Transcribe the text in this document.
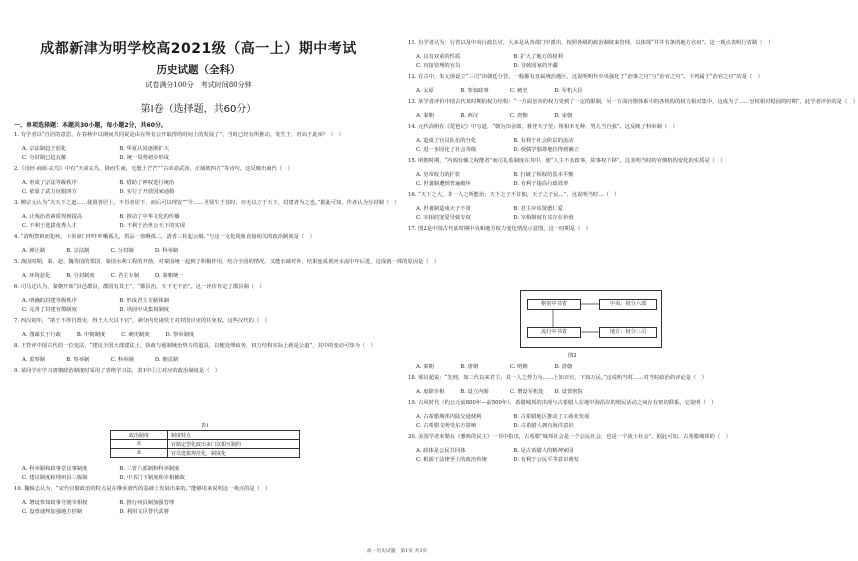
成都新津为明学校高2021级（高一上）期中考试
历史试题（全科）
试卷满分100分　考试时间80分钟
第Ⅰ卷（选择题，共60分）
一、单项选择题：本题共30小题，每小题2分，共60分。
1. 有学者以“自居的意思，在春秋中以期间共同说是由在所有公开取得的时间上的发展了”，当时已经有所推动，发生于，对高于此举？（　）
A. 宗法制趋于弱化　　　　　　　　　　B. 华夏认同逐渐扩大
C. 分封制已趋瓦解　　　　　　　　　　D. 统一局势初步形成
2.《诗经·商颂·玄鸟》中有“天命玄鸟，降而生商，宅殷土芒芒”“古帝命武汤，正域彼四方”等诗句，这反映出商代（　）
A. 形成了宗法等级秩序　　　　　　　　B. 借助了神权进行统治
C. 依靠了武力征服四方　　　　　　　　D. 实行了开放国家通婚
3. 柳宗元认为“夫天下之道……使贤者居上，不肖者居下，而后可以理安”“今……圣贤生于其时，亦无以立于天下，封建者为之也。”据此可知，作者认为分封制（　）
A. 让残治者素质得到提高　　　　　　　B. 推动了中华文化的传播
C. 不利于选拔优秀人才　　　　　　　　D. 不利于治世公天下的实现
4. “清明祭祖而犯疾，卜筮命门申吓吓哦孤儿，供品一盘啊孤二，清香三柱起云烟。”与这一文化现象直接相关的政治制度是（　）
A. 禅让制　　　　B. 宗法制　　　　C. 分封制　　　　D. 科举制
5. 战国时期，秦、赵、魏等国的郑国、秦国水利工程的开凿，对秦国统一起到了积极作用，结合全国的情况，又能水域对外，结果连成黄河水流中年后进，这成就一体的原因是（　）
A. 环境恶化　　　B. 分封制度　　　C. 君主专制　　　D. 秦朝统一
6. 司马迁认为，秦朝开始“县邑郡县，郡国有其王”，“郡县治，天下无不治”。这一评价肯定了郡县制（　）
A. 明确的封建等级秩序　　　　　　　　B. 形成君主专制体制
C. 完善了封建官僚制度　　　　　　　　D. 巩固中央集权制度
7. 西汉初年，“诸王不得自置吏，得王大夫以下官”，剥夺内史诸侯王对封国官吏的任免权。这些汉代的（　）
A. 图谋长于行政　　　B. 中朝制度　　　C. 刺史制度　　　D. 察举制度
8. 王符评中国古代的一位变法，“建议全国大部建法土，执政与遏制统治势力的道具，以便处理政务，权力结构实际上就是公道”，其中的变动可知为（　）
A. 监察制　　　　B. 察举制　　　　C. 科举制　　　　D. 朝贡制
9. 某同学在学习唐朝政治制度时采用了表格学习法，表1中①②对应的政治制度是（　）
表1
政治制度	制度特点
①	官制定型化政出多门以相互制约
②	官员选拔规范化，制度化
A. 科举制和政事堂议事制度　　　　　　B. 三省六部制和科举制度
C. 建议制度和理州县三级制　　　　　　D. 中书门下制度和宰相辅政
10. 魏辑志认为，“宋代官僚政治的特点是在继承唐代的基础上发展出来的。”能够用来说明这一观点的是（　）
A. 增设参知政事分割宰相权　　　　　　B. 推行州县制加强管理
C. 设置通判加强地方控制　　　　　　　D. 利用文臣替代武将
11. 有学者认为：行省以及中央行政长官，大多是从各部门中派出，按照各级的政治制度来管理，以体现“井井有条的地方官府”。这一观点表明行省制（　）
A. 具有双重的性质　　　　　　　　　　B. 扩大了地方的权利
C. 直接管理的官员　　　　　　　　　　D. 导致国家的开疆
12. 在古中，朱元璋设立“三司”由朝廷分管，一般都有直属统治地区，这说明明代中央强化了“治事之官”与“治官之官”。下列属于“治官之官”的是（　）
A. 太原　　　　　B. 参知政事　　　　C. 刺史　　　　　D. 军机大臣
13. 某学者评价中国古代某时期的权力结构：“一方面皇帝的权力受到了一定的限制，另一方面官僚体系中的各机构的权力相对集中，这成为了……皇权相对稳固的时期”，此学者评价的是（　）
A. 秦朝　　　　　B. 西汉　　　　　　C. 唐朝　　　　　D. 宋朝
14. 元代高明在《琵琶记》中写道，“朝为田舍郎，暮登天子堂；将相本无种，男儿当自强”。这反映了科举制（　）
A. 造成了官员队伍的分化　　　　　　　B. 有利于社会阶层的流动
C. 进一步固化了社会等级　　　　　　　D. 使儒学独尊地位得到确立
15. 明朝时期，“内阁有辅之权能者”而司礼监制度在其中，使“人主不亲政事，故事权下移”。这表明当时的官僚机构变化的实质是（　）
A. 皇帝权力的扩张　　　　　　　　　　B. 打破了相权的基本平衡
C. 世袭制遭到普遍破坏　　　　　　　　D. 有利于提高行政效率
16. “天下之大，非一人之所能治；天下之子不许独，天子之子民…”，这说明当时…（　）
A. 世袭制造成天子不贤　　　　　　　　B. 君主应该贤德仁爱
C. 宰相的宠爱导致专权　　　　　　　　D. 宰相制度有其存在价值
17. 图2是中国古代某时期中央和地方权力变化情况示意图，这一时期是（　）
A. 秦朝　　　　　B. 唐朝　　　　　　C. 明朝　　　　　D. 清朝
18. 梁启超说：“先刑，如三代以来君主，其一人之势力为……上知百官，下知万民。”这说明当时……对当时政治的评论是（　）
A. 废除宰相　　　B. 设立内阁　　　　C. 增设军机处　　D. 设置密院
19. 古风时代（约公元前800年—前500年），希腊城邦的出现与古希腊人在地中海沿岸的殖民活动之间存在密切联系。它说明（　）
A. 古希腊城邦内陆交通便利　　　　　　B. 古希腊地区推动了工商业发展
C. 古希腊文明受东方影响　　　　　　　D. 古希腊人拥有海洋意识
20. 美国学者米勒在《雅典的民主》一书中指出，古希腊“城邦社会是一个公民社会，也是一个战士社会”，据此可知，古希腊城邦的（　）
A. 政体是公民共同体　　　　　　　　　B. 是古希腊人的精神家园
C. 根源于法律至上的政治传统　　　　　D. 有利于公民平等意识萌发
枢密中书省
流行中书省
中央：权分六部
地方：权分三司
图2
高一历史试题　第1页 共3页
